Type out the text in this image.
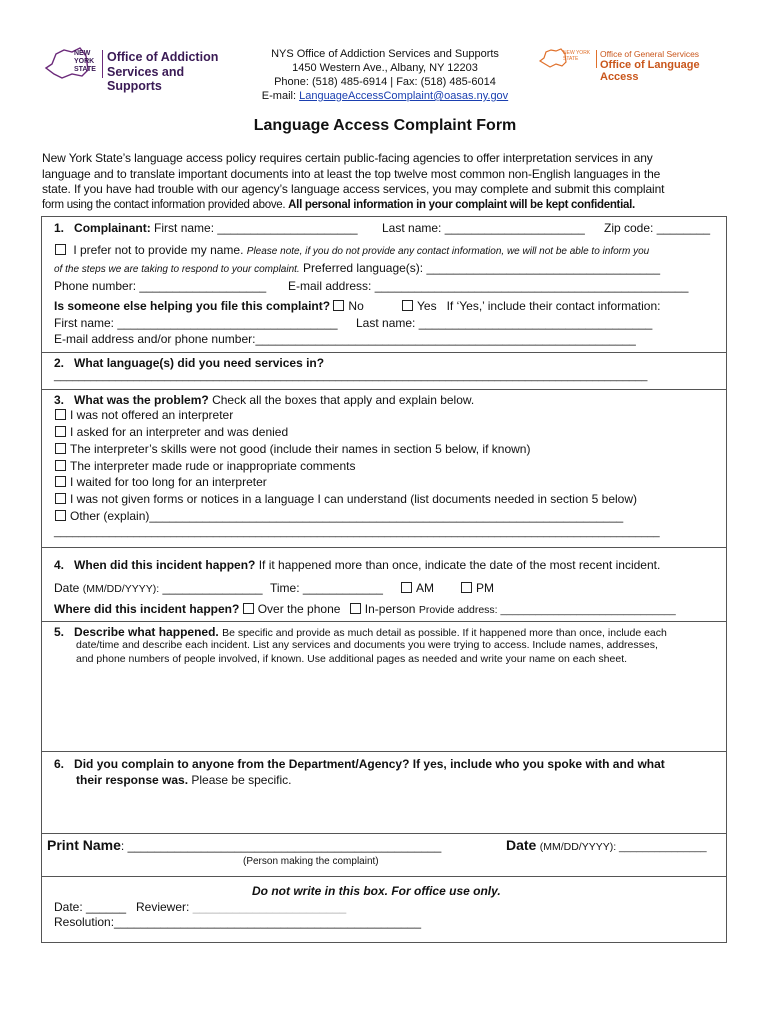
NEW YORK STATE
Office of Addiction
Services and Supports
NYS Office of Addiction Services and Supports
1450 Western Ave., Albany, NY 12203
Phone: (518) 485-6914 | Fax: (518) 485-6014
E-mail: LanguageAccessComplaint@oasas.ny.gov
NEW YORK STATE	Office of General Services
Office of Language Access
Language Access Complaint Form
New York State’s language access policy requires certain public-facing agencies to offer interpretation services in any
language and to translate important documents into at least the top twelve most common non-English languages in the
state. If you have had trouble with our agency’s language access services, you may complete and submit this complaint
form using the contact information provided above. All personal information in your complaint will be kept confidential.
1. Complainant: First name: _____________________ Last name: _____________________ Zip code: ________
I prefer not to provide my name. Please note, if you do not provide any contact information, we will not be able to inform you
of the steps we are taking to respond to your complaint. Preferred language(s): ___________________________________
Phone number: ___________________ E-mail address: _______________________________________________
Is someone else helping you file this complaint? No	Yes If ‘Yes,’ include their contact information:
First name: _________________________________ Last name: ___________________________________
E-mail address and/or phone number:_________________________________________________________
2. What language(s) did you need services in?
_________________________________________________________________________________________________
3. What was the problem? Check all the boxes that apply and explain below.
I was not offered an interpreter
I asked for an interpreter and was denied
The interpreter’s skills were not good (include their names in section 5 below, if known)
The interpreter made rude or inappropriate comments
I waited for too long for an interpreter
I was not given forms or notices in a language I can understand (list documents needed in section 5 below)
Other (explain)_______________________________________________________________________
___________________________________________________________________________________________________
4. When did this incident happen? If it happened more than once, indicate the date of the most recent incident.
Date (MM/DD/YYYY): _______________ Time: ____________	AM	PM
Where did this incident happen? Over the phone In-person Provide address: ______________________________
5. Describe what happened. Be specific and provide as much detail as possible. If it happened more than once, include each
date/time and describe each incident. List any services and documents you were trying to access. Include names, addresses,
and phone numbers of people involved, if known. Use additional pages as needed and write your name on each sheet.
6. Did you complain to anyone from the Department/Agency? If yes, include who you spoke with and what
their response was. Please be specific.
Print Name: _______________________________________________	Date (MM/DD/YYYY): _______________
(Person making the complaint)
Do not write in this box. For office use only.
Date: ______ Reviewer: _______________________
Resolution:______________________________________________
